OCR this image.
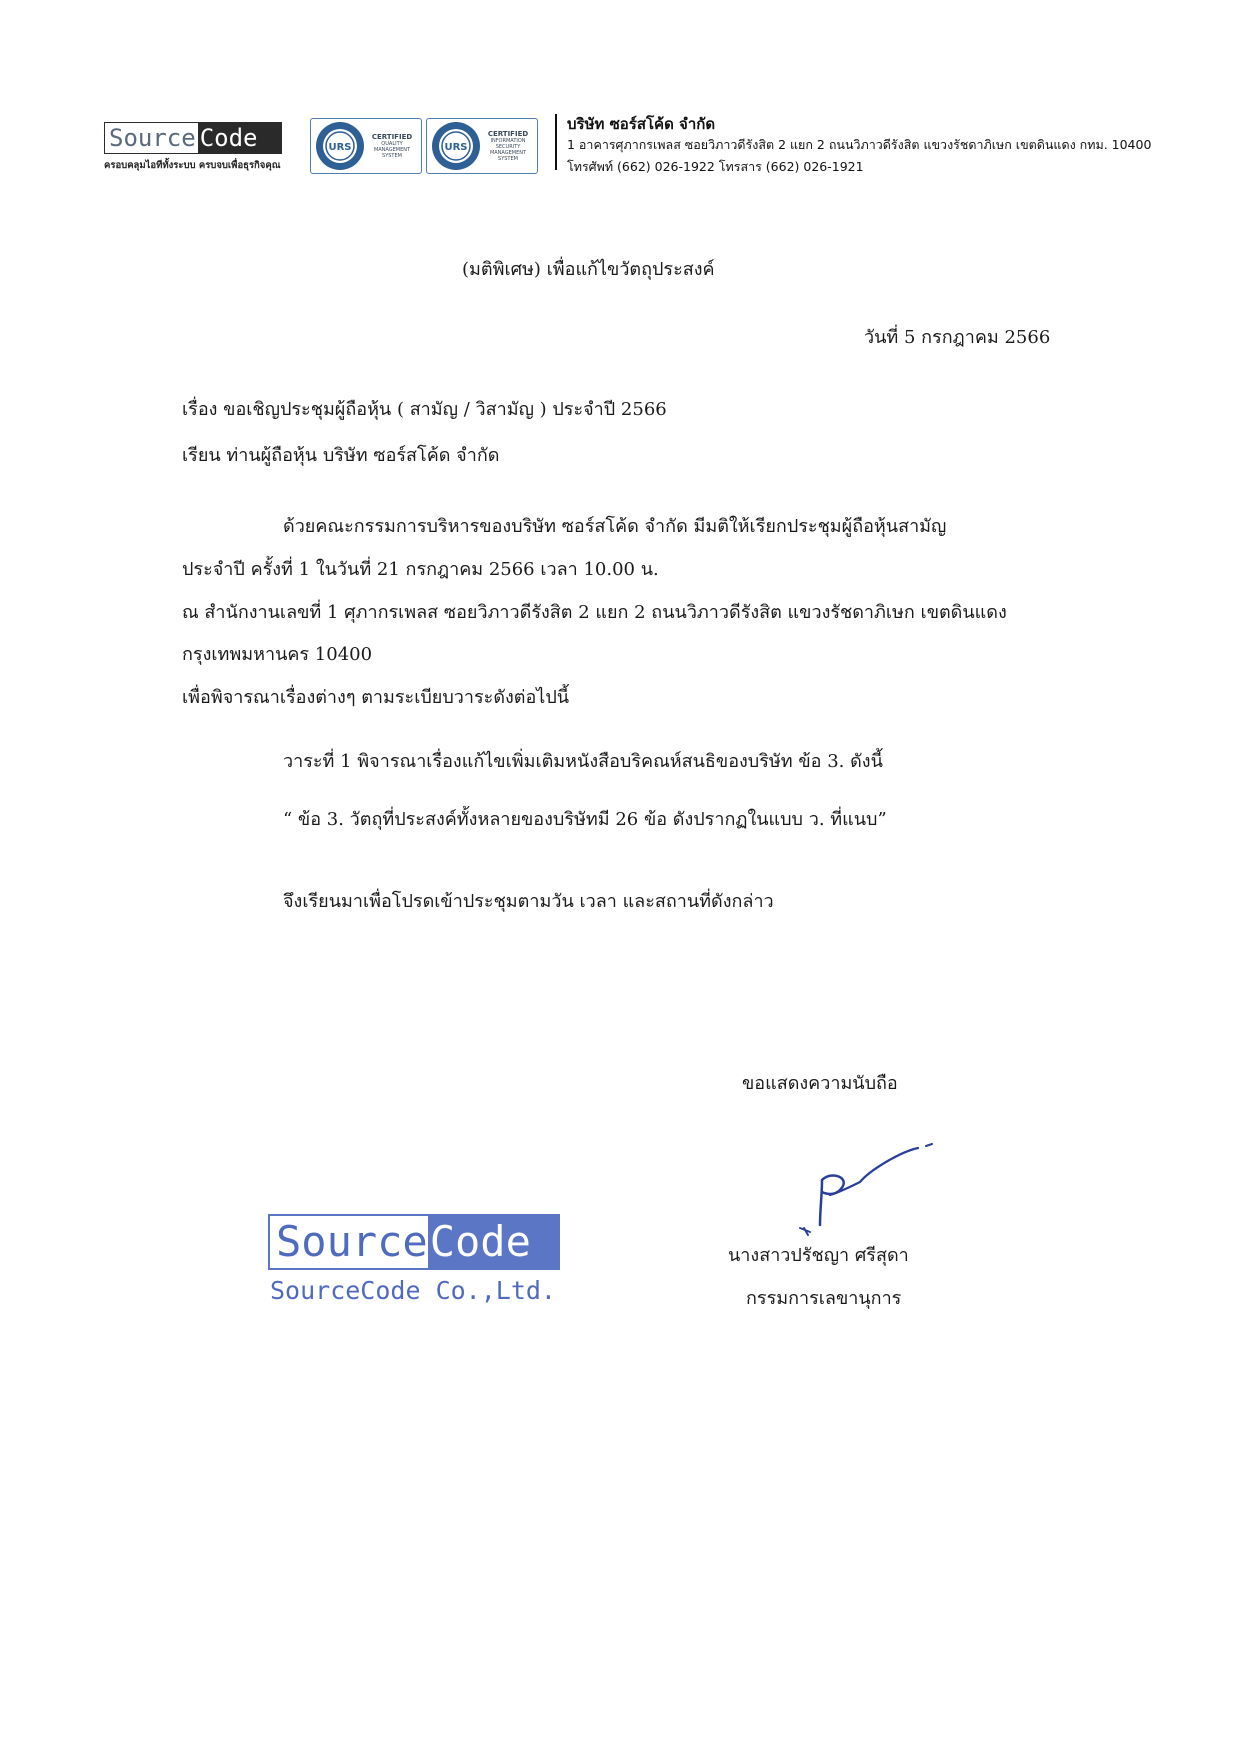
Source Code
ครอบคลุมไอทีทั้งระบบ ครบจบเพื่อธุรกิจคุณ
URS
CERTIFIED
QUALITY MANAGEMENT SYSTEM
URS
CERTIFIED
INFORMATION SECURITY MANAGEMENT SYSTEM
บริษัท ซอร์สโค้ด จำกัด
1 อาคารศุภากรเพลส ซอยวิภาวดีรังสิต 2 แยก 2 ถนนวิภาวดีรังสิต แขวงรัชดาภิเษก เขตดินแดง กทม. 10400
โทรศัพท์ (662) 026-1922 โทรสาร (662) 026-1921
(มติพิเศษ) เพื่อแก้ไขวัตถุประสงค์
วันที่ 5 กรกฎาคม 2566
เรื่อง ขอเชิญประชุมผู้ถือหุ้น ( สามัญ / วิสามัญ ) ประจำปี 2566
เรียน ท่านผู้ถือหุ้น บริษัท ซอร์สโค้ด จำกัด
ด้วยคณะกรรมการบริหารของบริษัท ซอร์สโค้ด จำกัด มีมติให้เรียกประชุมผู้ถือหุ้นสามัญ
ประจำปี ครั้งที่ 1 ในวันที่ 21 กรกฎาคม 2566 เวลา 10.00 น.
ณ สำนักงานเลขที่ 1 ศุภากรเพลส ซอยวิภาวดีรังสิต 2 แยก 2 ถนนวิภาวดีรังสิต แขวงรัชดาภิเษก เขตดินแดง
กรุงเทพมหานคร 10400
เพื่อพิจารณาเรื่องต่างๆ ตามระเบียบวาระดังต่อไปนี้
วาระที่ 1 พิจารณาเรื่องแก้ไขเพิ่มเติมหนังสือบริคณห์สนธิของบริษัท ข้อ 3. ดังนี้
“ ข้อ 3. วัตถุที่ประสงค์ทั้งหลายของบริษัทมี 26 ข้อ ดังปรากฏในแบบ ว. ที่แนบ”
จึงเรียนมาเพื่อโปรดเข้าประชุมตามวัน เวลา และสถานที่ดังกล่าว
ขอแสดงความนับถือ
นางสาวปรัชญา ศรีสุดา
กรรมการเลขานุการ
Source Code
SourceCode Co.,Ltd.
